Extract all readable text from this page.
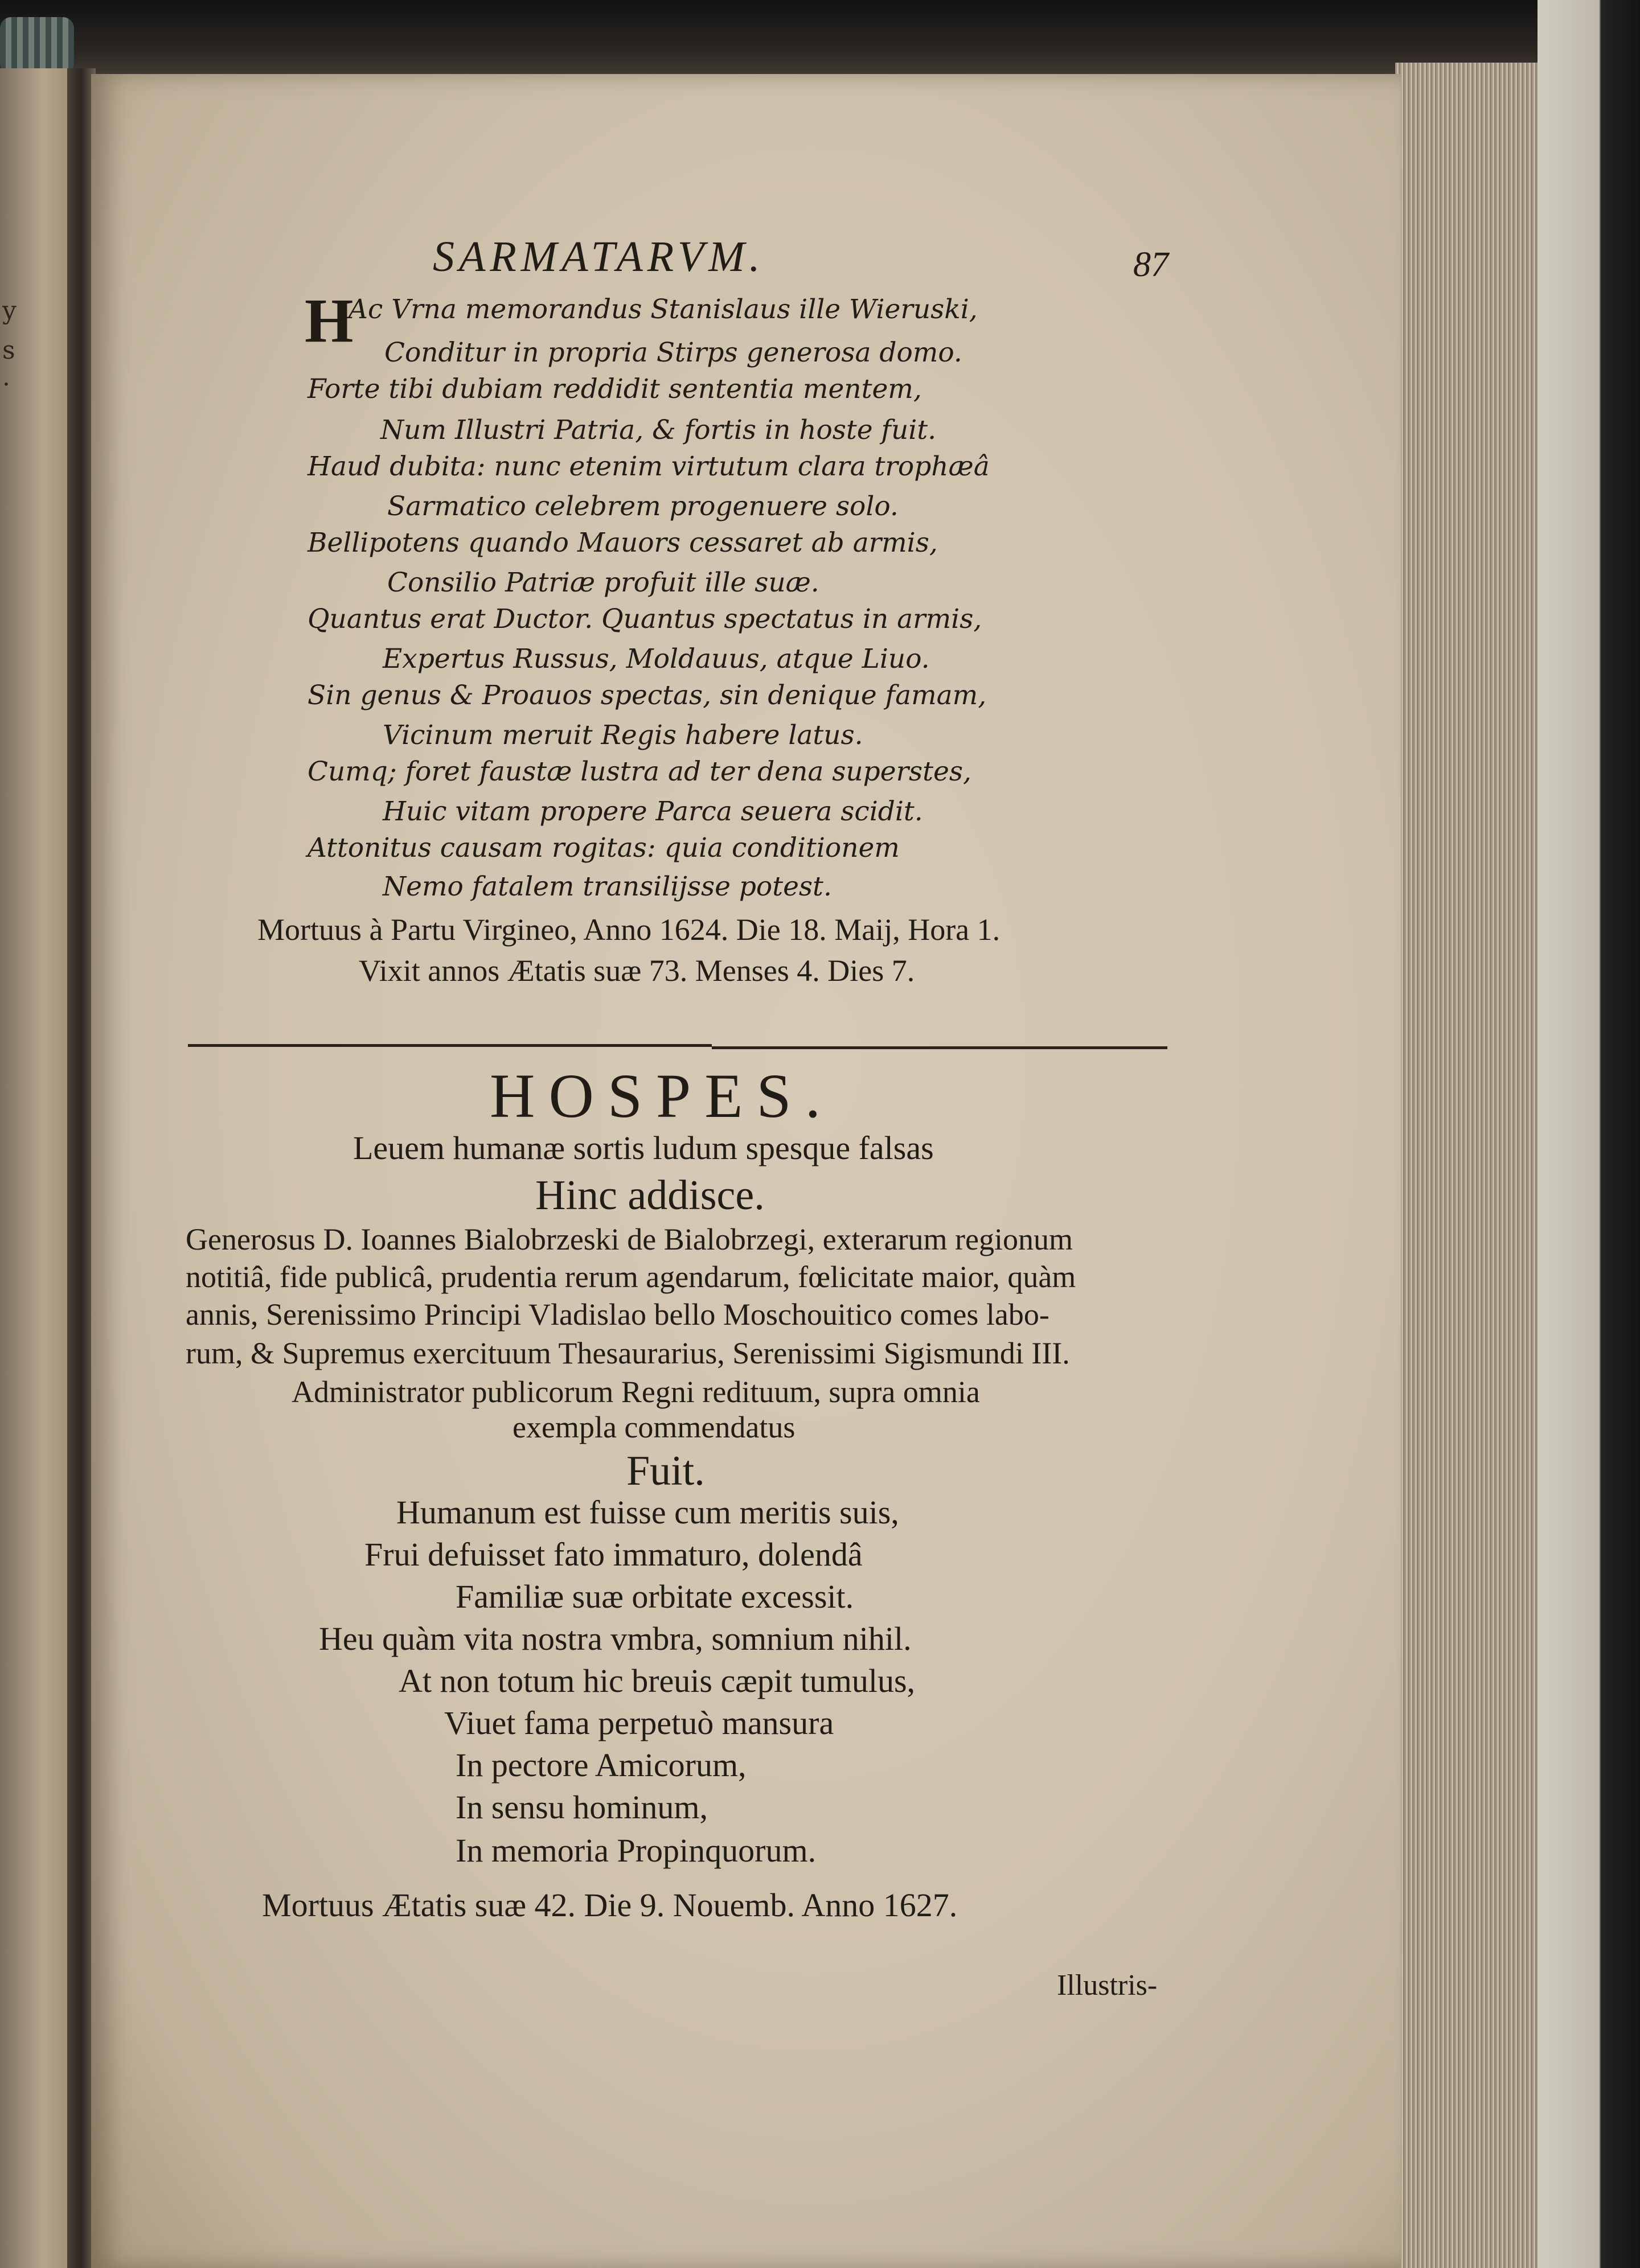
y
s
·

SARMATARVM.	87

H

Ac Vrna memorandus Stanislaus ille Wieruski,

Conditur in propria Stirps generosa domo.

Forte tibi dubiam reddidit sententia mentem,

Num Illustri Patria, & fortis in hoste fuit.

Haud dubita: nunc etenim virtutum clara trophæâ

Sarmatico celebrem progenuere solo.

Bellipotens quando Mauors cessaret ab armis,

Consilio Patriæ profuit ille suæ.

Quantus erat Ductor. Quantus spectatus in armis,

Expertus Russus, Moldauus, atque Liuo.

Sin genus & Proauos spectas, sin denique famam,

Vicinum meruit Regis habere latus.

Cumq; foret faustæ lustra ad ter dena superstes,

Huic vitam propere Parca seuera scidit.

Attonitus causam rogitas: quia conditionem

Nemo fatalem transilijsse potest.

Mortuus à Partu Virgineo, Anno 1624. Die 18. Maij, Hora 1.

Vixit annos Ætatis suæ 73. Menses 4. Dies 7.

HOSPES.

Leuem humanæ sortis ludum spesque falsas

Hinc addisce.

Generosus D. Ioannes Bialobrzeski de Bialobrzegi, exterarum regionum

notitiâ, fide publicâ, prudentia rerum agendarum, fœlicitate maior, quàm

annis, Serenissimo Principi Vladislao bello Moschouitico comes labo-

rum, & Supremus exercituum Thesaurarius, Serenissimi Sigismundi III.

Administrator publicorum Regni redituum, supra omnia

exempla commendatus

Fuit.

Humanum est fuisse cum meritis suis,

Frui defuisset fato immaturo, dolendâ

Familiæ suæ orbitate excessit.

Heu quàm vita nostra vmbra, somnium nihil.

At non totum hic breuis cæpit tumulus,

Viuet fama perpetuò mansura

In pectore Amicorum,

In sensu hominum,

In memoria Propinquorum.

Mortuus Ætatis suæ 42. Die 9. Nouemb. Anno 1627.

Illustris-
